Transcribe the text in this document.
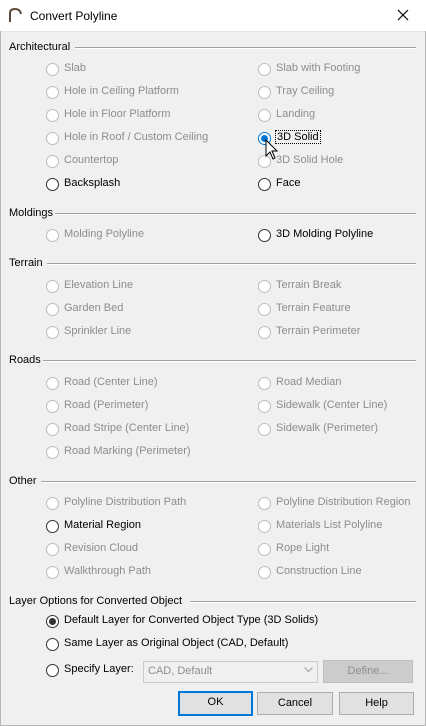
Convert Polyline
Architectural
Slab	Slab with Footing
Hole in Ceiling Platform	Tray Ceiling
Hole in Floor Platform	Landing
Hole in Roof / Custom Ceiling	3D Solid
Countertop	3D Solid Hole
Backsplash	Face
Moldings
Molding Polyline	3D Molding Polyline
Terrain
Elevation Line	Terrain Break
Garden Bed	Terrain Feature
Sprinkler Line	Terrain Perimeter
Roads
Road (Center Line)	Road Median
Road (Perimeter)	Sidewalk (Center Line)
Road Stripe (Center Line)	Sidewalk (Perimeter)
Road Marking (Perimeter)
Other
Polyline Distribution Path	Polyline Distribution Region
Material Region	Materials List Polyline
Revision Cloud	Rope Light
Walkthrough Path	Construction Line
Layer Options for Converted Object
Default Layer for Converted Object Type (3D Solids)
Same Layer as Original Object (CAD, Default)
Specify Layer: CAD, Default	Define...
OK	Cancel	Help
